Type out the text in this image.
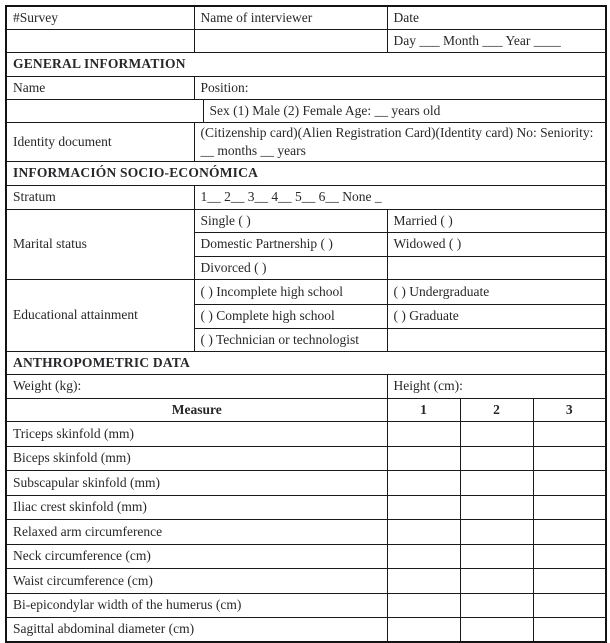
#Survey	Name of interviewer		Date		
			Day ___ Month ___ Year ____		
GENERAL INFORMATION					
Name	Position:				
		Sex (1) Male (2) Female Age: __ years old			
Identity document	(Citizenship card)(Alien Registration Card)(Identity card) No: Seniority: __ months __ years				
INFORMACIÓN SOCIO-ECONÓMICA					
Stratum	1__ 2__ 3__ 4__ 5__ 6__ None _				
Marital status	Single ( )		Married ( )		
	Domestic Partnership ( )		Widowed ( )		
	Divorced ( )				
Educational attainment	( ) Incomplete high school		( ) Undergraduate		
	( ) Complete high school		( ) Graduate		
	( ) Technician or technologist				
ANTHROPOMETRIC DATA					
Weight (kg):			Height (cm):		
Measure			1	2	3
Triceps skinfold (mm)					
Biceps skinfold (mm)					
Subscapular skinfold (mm)					
Iliac crest skinfold (mm)					
Relaxed arm circumference					
Neck circumference (cm)					
Waist circumference (cm)					
Bi-epicondylar width of the humerus (cm)					
Sagittal abdominal diameter (cm)					
